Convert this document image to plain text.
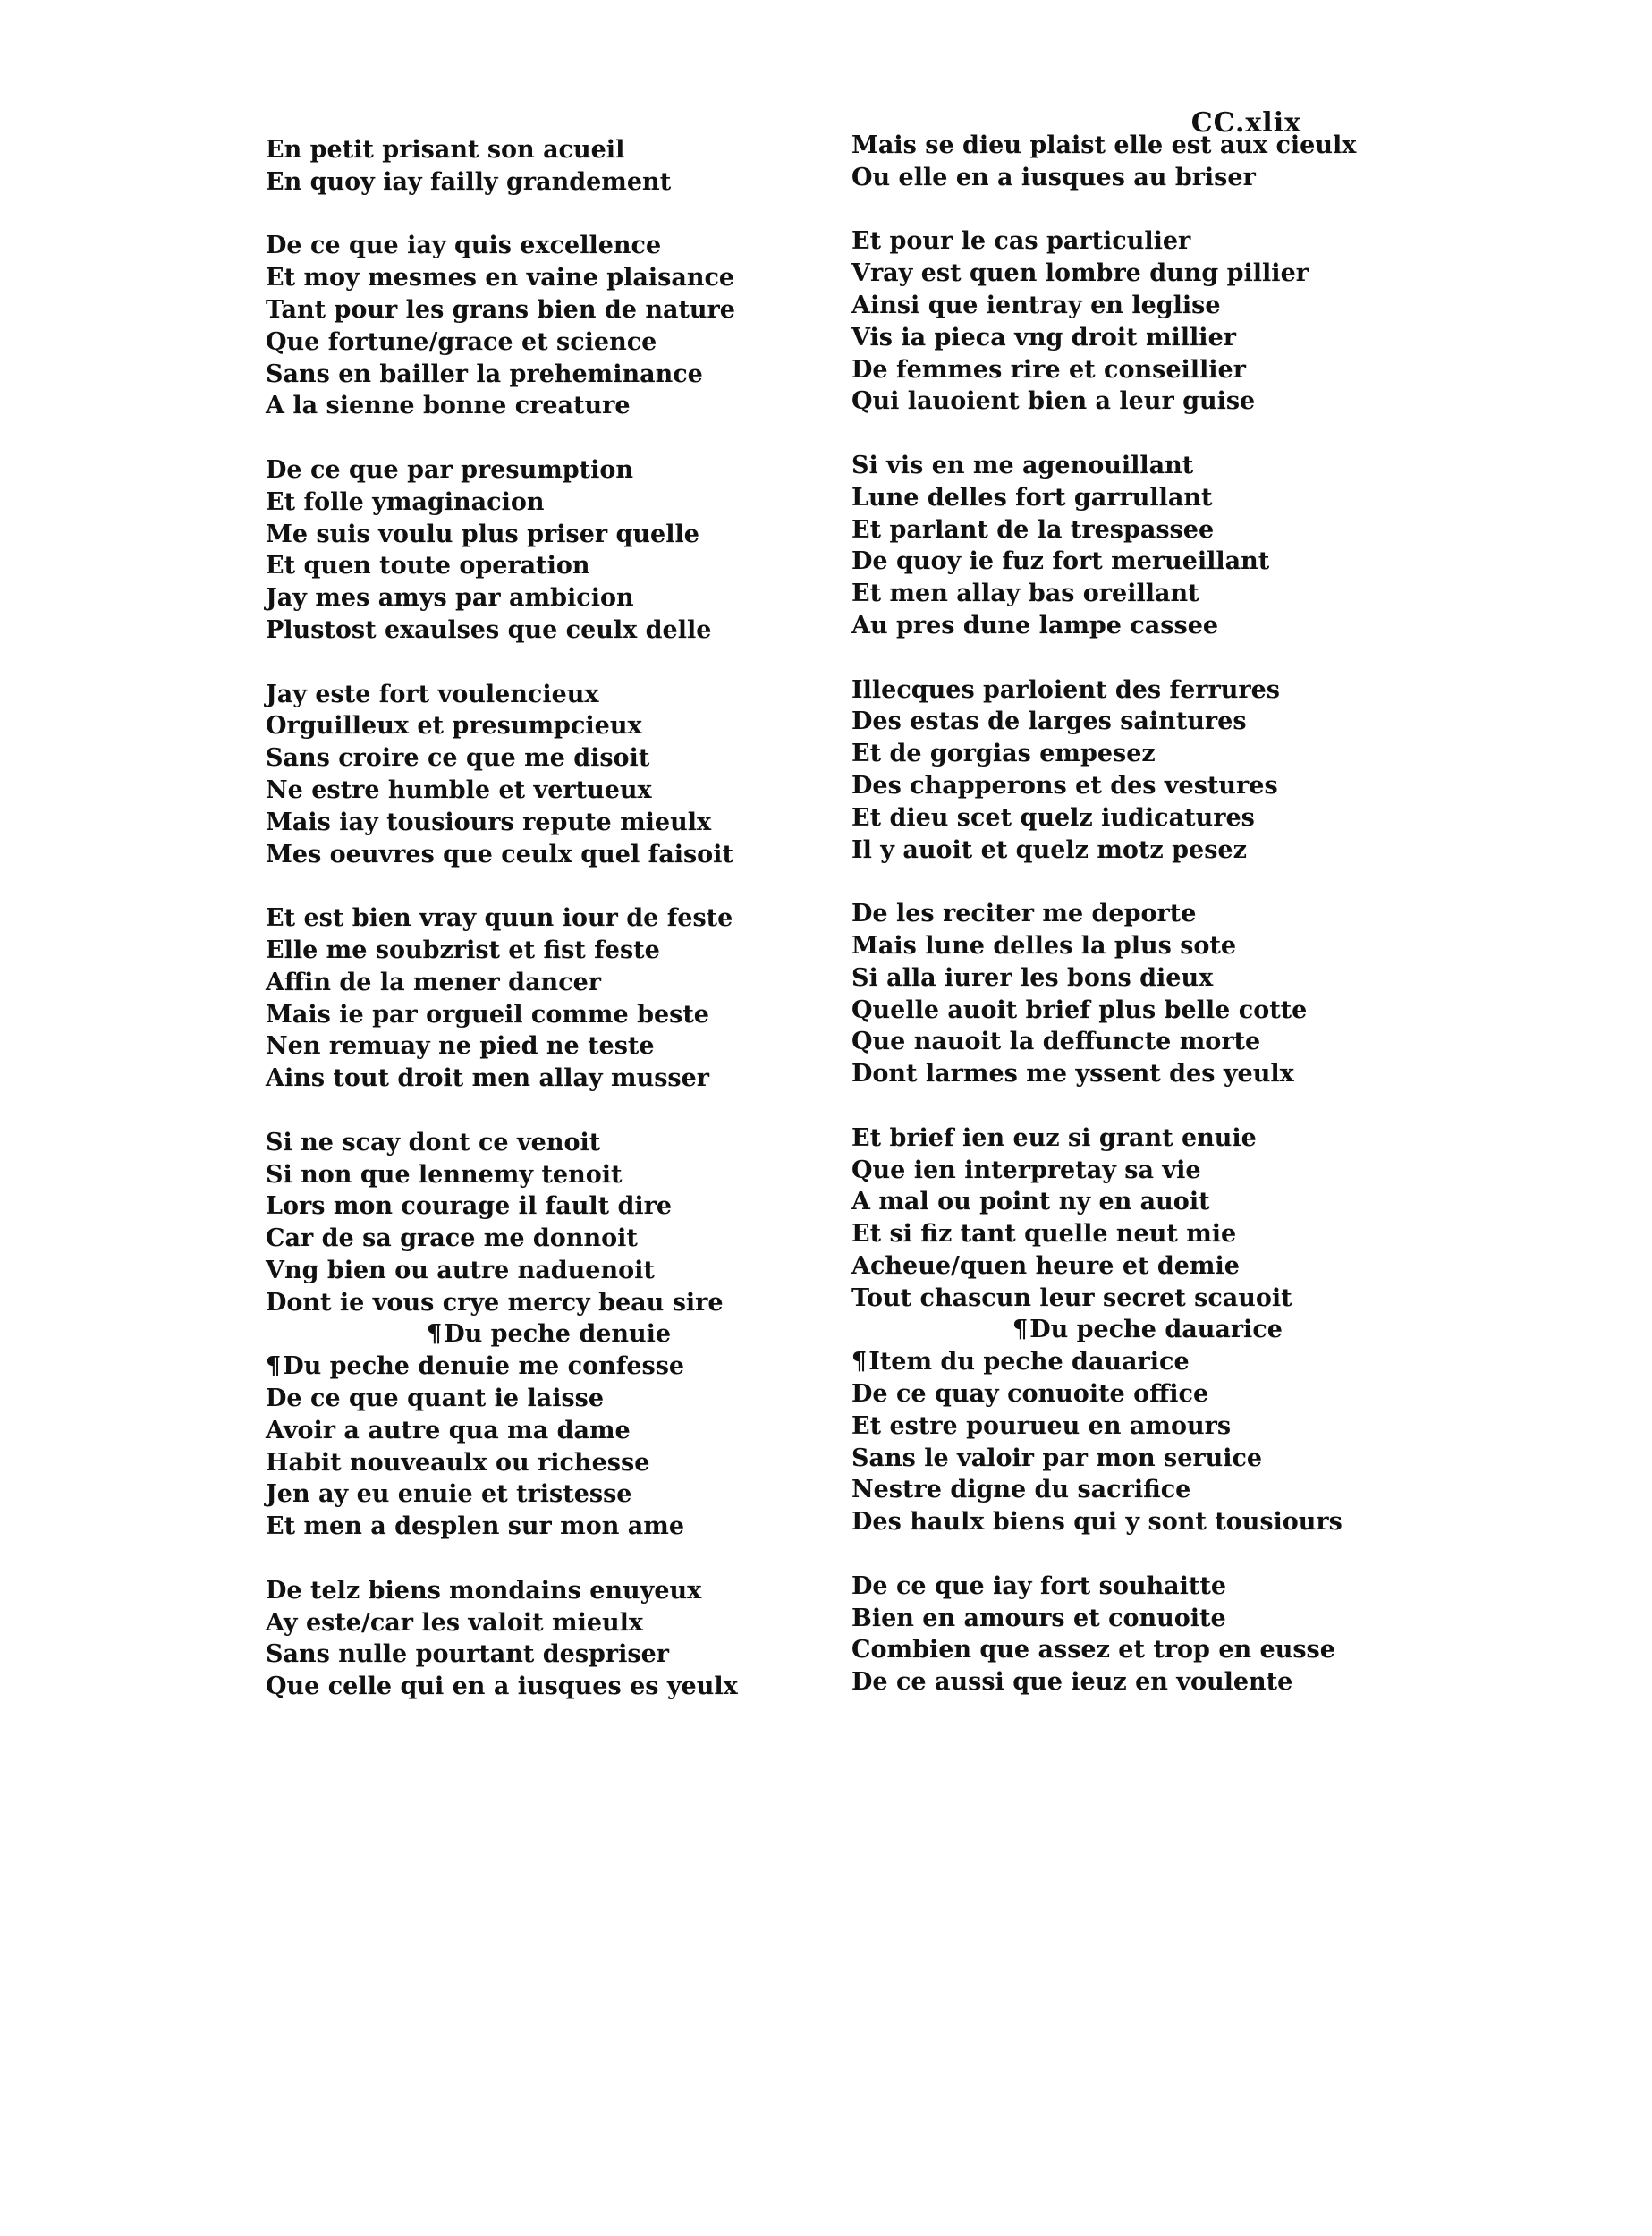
CC.xlix
En petit prisant son acueil
En quoy iay failly grandement
De ce que iay quis excellence
Et moy mesmes en vaine plaisance
Tant pour les grans bien de nature
Que fortune/grace et science
Sans en bailler la preheminance
A la sienne bonne creature
De ce que par presumption
Et folle ymaginacion
Me suis voulu plus priser quelle
Et quen toute operation
Jay mes amys par ambicion
Plustost exaulses que ceulx delle
Jay este fort voulencieux
Orguilleux et presumpcieux
Sans croire ce que me disoit
Ne estre humble et vertueux
Mais iay tousiours repute mieulx
Mes oeuvres que ceulx quel faisoit
Et est bien vray quun iour de feste
Elle me soubzrist et fist feste
Affin de la mener dancer
Mais ie par orgueil comme beste
Nen remuay ne pied ne teste
Ains tout droit men allay musser
Si ne scay dont ce venoit
Si non que lennemy tenoit
Lors mon courage il fault dire
Car de sa grace me donnoit
Vng bien ou autre naduenoit
Dont ie vous crye mercy beau sire
¶Du peche denuie
¶Du peche denuie me confesse
De ce que quant ie laisse
Avoir a autre qua ma dame
Habit nouveaulx ou richesse
Jen ay eu enuie et tristesse
Et men a desplen sur mon ame
De telz biens mondains enuyeux
Ay este/car les valoit mieulx
Sans nulle pourtant despriser
Que celle qui en a iusques es yeulx
Mais se dieu plaist elle est aux cieulx
Ou elle en a iusques au briser
Et pour le cas particulier
Vray est quen lombre dung pillier
Ainsi que ientray en leglise
Vis ia pieca vng droit millier
De femmes rire et conseillier
Qui lauoient bien a leur guise
Si vis en me agenouillant
Lune delles fort garrullant
Et parlant de la trespassee
De quoy ie fuz fort merueillant
Et men allay bas oreillant
Au pres dune lampe cassee
Illecques parloient des ferrures
Des estas de larges saintures
Et de gorgias empesez
Des chapperons et des vestures
Et dieu scet quelz iudicatures
Il y auoit et quelz motz pesez
De les reciter me deporte
Mais lune delles la plus sote
Si alla iurer les bons dieux
Quelle auoit brief plus belle cotte
Que nauoit la deffuncte morte
Dont larmes me yssent des yeulx
Et brief ien euz si grant enuie
Que ien interpretay sa vie
A mal ou point ny en auoit
Et si fiz tant quelle neut mie
Acheue/quen heure et demie
Tout chascun leur secret scauoit
¶Du peche dauarice
¶Item du peche dauarice
De ce quay conuoite office
Et estre pourueu en amours
Sans le valoir par mon seruice
Nestre digne du sacrifice
Des haulx biens qui y sont tousiours
De ce que iay fort souhaitte
Bien en amours et conuoite
Combien que assez et trop en eusse
De ce aussi que ieuz en voulente
